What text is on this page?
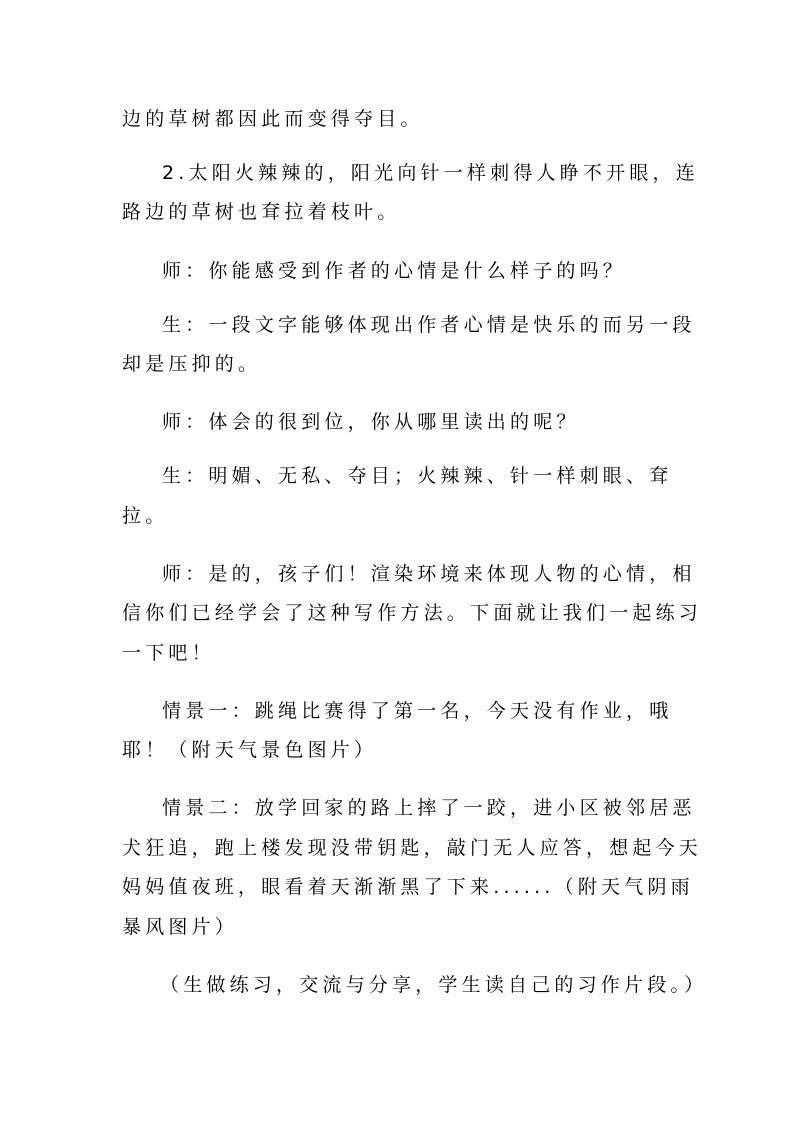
边的草树都因此而变得夺目。
2.太阳火辣辣的，阳光向针一样刺得人睁不开眼，连
路边的草树也耷拉着枝叶。
师：你能感受到作者的心情是什么样子的吗？
生：一段文字能够体现出作者心情是快乐的而另一段
却是压抑的。
师：体会的很到位，你从哪里读出的呢？
生：明媚、无私、夺目；火辣辣、针一样刺眼、耷
拉。
师：是的，孩子们！渲染环境来体现人物的心情，相
信你们已经学会了这种写作方法。下面就让我们一起练习
一下吧！
情景一：跳绳比赛得了第一名，今天没有作业，哦
耶！（附天气景色图片）
情景二：放学回家的路上摔了一跤，进小区被邻居恶
犬狂追，跑上楼发现没带钥匙，敲门无人应答，想起今天
妈妈值夜班，眼看着天渐渐黑了下来......（附天气阴雨
暴风图片）
（生做练习，交流与分享，学生读自己的习作片段。）
